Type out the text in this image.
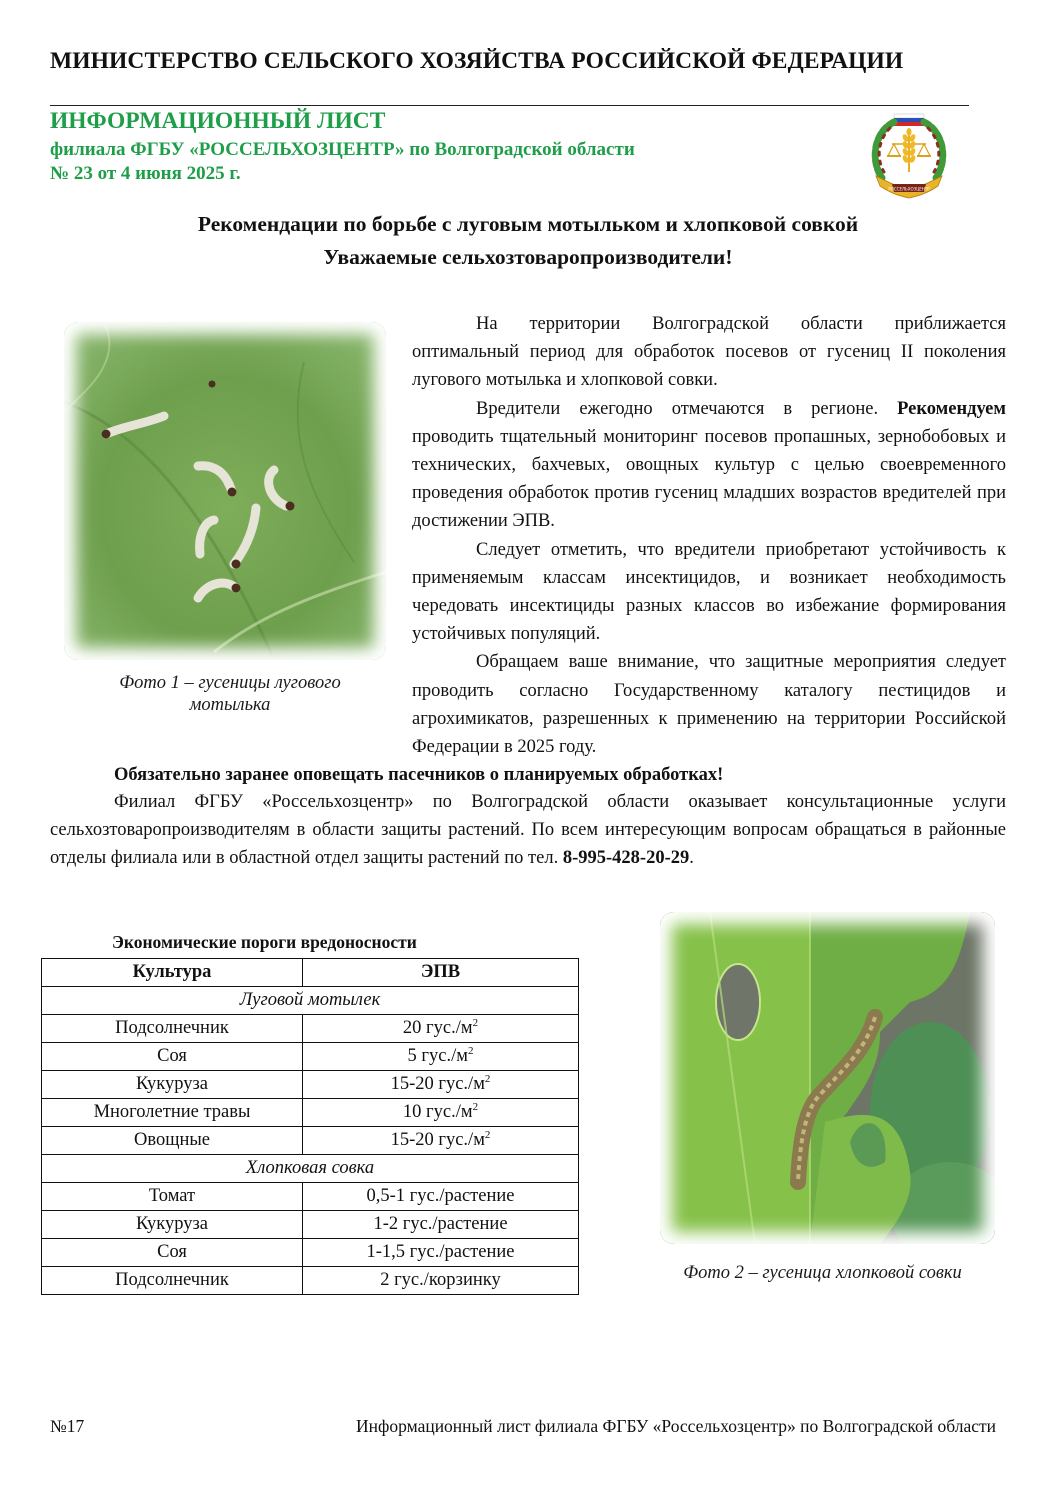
МИНИСТЕРСТВО СЕЛЬСКОГО ХОЗЯЙСТВА РОССИЙСКОЙ ФЕДЕРАЦИИ
ИНФОРМАЦИОННЫЙ ЛИСТ
филиала ФГБУ «РОССЕЛЬХОЗЦЕНТР» по Волгоградской области
№ 23 от 4 июня 2025 г.
РОССЕЛЬХОЗЦЕНТР
Рекомендации по борьбе с луговым мотыльком и хлопковой совкой
Уважаемые сельхозтоваропроизводители!
Фото 1 – гусеницы лугового мотылька

На территории Волгоградской области приближается оптимальный период для обработок посевов от гусениц II поколения лугового мотылька и хлопковой совки.

Вредители ежегодно отмечаются в регионе. Рекомендуем проводить тщательный мониторинг посевов пропашных, зернобобовых и технических, бахчевых, овощных культур с целью своевременного проведения обработок против гусениц младших возрастов вредителей при достижении ЭПВ.

Следует отметить, что вредители приобретают устойчивость к применяемым классам инсектицидов, и возникает необходимость чередовать инсектициды разных классов во избежание формирования устойчивых популяций.

Обращаем ваше внимание, что защитные мероприятия следует проводить согласно Государственному каталогу пестицидов и агрохимикатов, разрешенных к применению на территории Российской Федерации в 2025 году.

Обязательно заранее оповещать пасечников о планируемых обработках!

Филиал ФГБУ «Россельхозцентр» по Волгоградской области оказывает консультационные услуги сельхозтоваропроизводителям в области защиты растений. По всем интересующим вопросам обращаться в районные отделы филиала или в областной отдел защиты растений по тел. 8-995-428-20-29.

Экономические пороги вредоносности
Культура	ЭПВ
Луговой мотылек	
Подсолнечник	20 $гус./м^2$
Соя	5 $гус./м^2$
Кукуруза	15-20 $гус./м^2$
Многолетние травы	10 $гус./м^2$
Овощные	15-20 $гус./м^2$
Хлопковая совка	
Томат	0,5-1 гус./растение
Кукуруза	1-2 гус./растение
Соя	1-1,5 гус./растение
Подсолнечник	2 гус./корзинку	Фото 2 – гусеница хлопковой совки
№17	Информационный лист филиала ФГБУ «Россельхозцентр» по Волгоградской области
